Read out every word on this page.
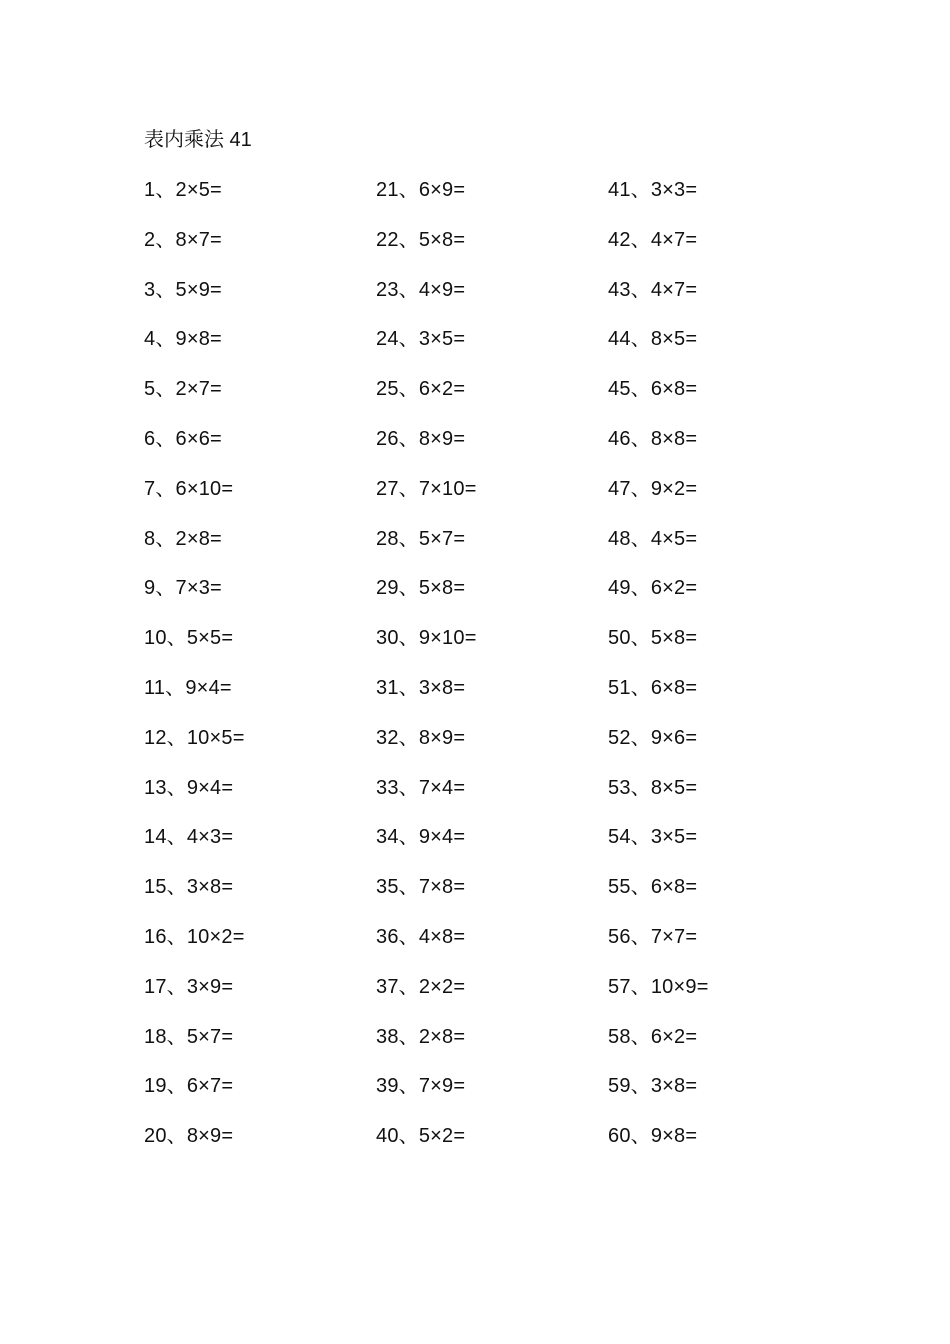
表内乘法 41
1、2×5=
2、8×7=
3、5×9=
4、9×8=
5、2×7=
6、6×6=
7、6×10=
8、2×8=
9、7×3=
10、5×5=
11、9×4=
12、10×5=
13、9×4=
14、4×3=
15、3×8=
16、10×2=
17、3×9=
18、5×7=
19、6×7=
20、8×9=
21、6×9=
22、5×8=
23、4×9=
24、3×5=
25、6×2=
26、8×9=
27、7×10=
28、5×7=
29、5×8=
30、9×10=
31、3×8=
32、8×9=
33、7×4=
34、9×4=
35、7×8=
36、4×8=
37、2×2=
38、2×8=
39、7×9=
40、5×2=
41、3×3=
42、4×7=
43、4×7=
44、8×5=
45、6×8=
46、8×8=
47、9×2=
48、4×5=
49、6×2=
50、5×8=
51、6×8=
52、9×6=
53、8×5=
54、3×5=
55、6×8=
56、7×7=
57、10×9=
58、6×2=
59、3×8=
60、9×8=
